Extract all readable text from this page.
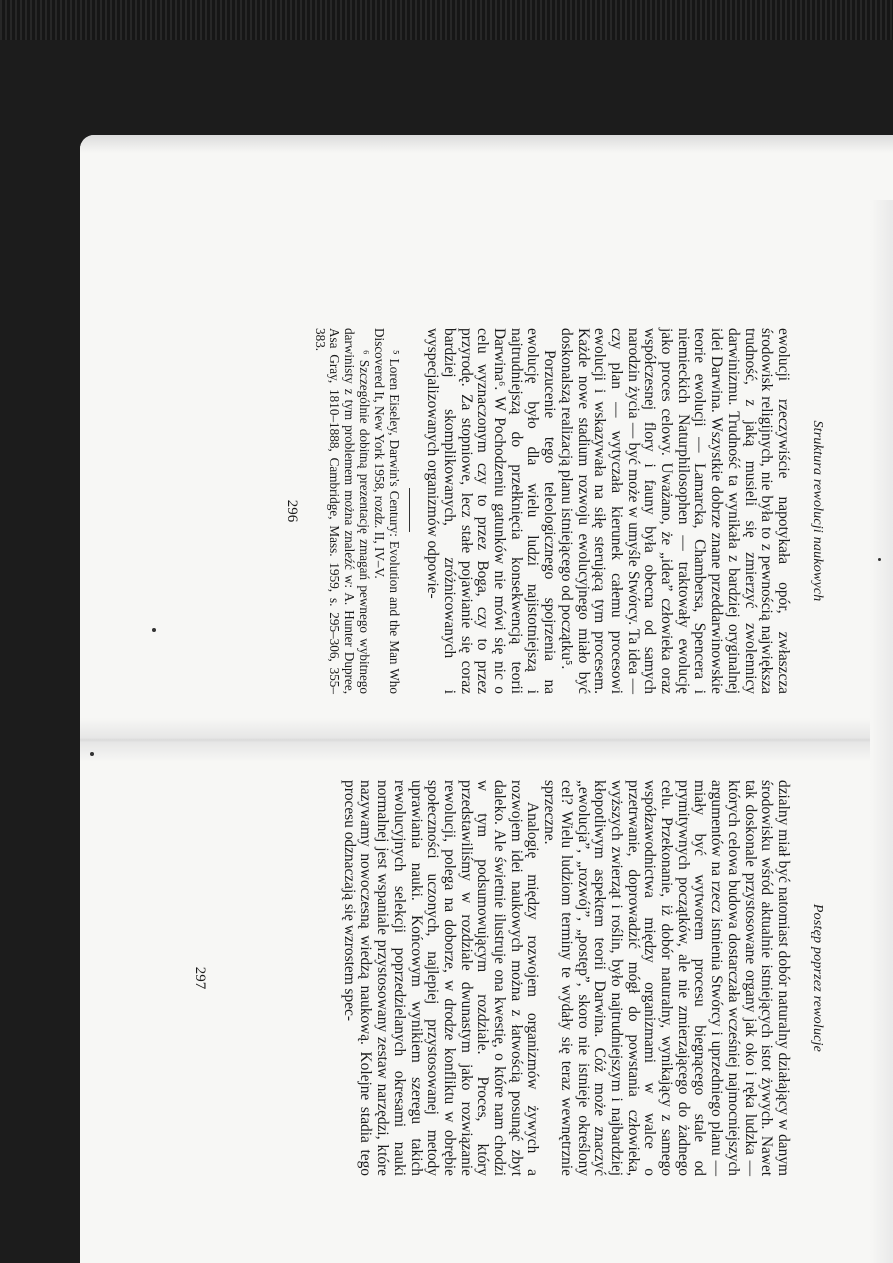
Struktura rewolucji naukowych

ewolucji rzeczywiście napotykała opór, zwłaszcza środowisk religijnych, nie była to z pewnością największa trudność, z jaką musieli się zmierzyć zwolennicy darwinizmu. Trudność ta wynikała z bardziej oryginalnej idei Darwina. Wszystkie dobrze znane przeddarwinowskie teorie ewolucji — Lamarcka, Chambersa, Spencera i niemieckich Naturphilosophen — traktowały ewolucję jako proces celowy. Uważano, że „idea” człowieka oraz współczesnej flory i fauny była obecna od samych narodzin życia — być może w umyśle Stwórcy. Ta idea — czy plan — wytyczała kierunek całemu procesowi ewolucji i wskazywała na siłę sterującą tym procesem. Każde nowe stadium rozwoju ewolucyjnego miało być doskonalszą realizacją planu istniejącego od początku⁵.

Porzucenie tego teleologicznego spojrzenia na ewolucję było dla wielu ludzi najistotniejszą i najtrudniejszą do przełknięcia konsekwencją teorii Darwina⁶. W Pochodzeniu gatunków nie mówi się nic o celu wyznaczonym czy to przez Boga, czy to przez przyrodę. Za stopniowe, lecz stałe pojawianie się coraz bardziej skomplikowanych, zróżnicowanych i wyspecjalizowanych organizmów odpowie-

⁵ Loren Eiseley, Darwin's Century: Evolution and the Man Who Discovered It, New York 1958, rozdz. II, IV–V.

⁶ Szczególnie dobitną prezentację zmagań pewnego wybitnego darwinisty z tym problemem można znaleźć w: A. Hunter Dupree, Asa Gray, 1810–1888, Cambridge, Mass. 1959, s. 295–306, 355–383.

296

Postęp poprzez rewolucje

dzialny miał być natomiast dobór naturalny działający w danym środowisku wśród aktualnie istniejących istot żywych. Nawet tak doskonale przystosowane organy jak oko i ręka ludzka — których celowa budowa dostarczała wcześniej najmocniejszych argumentów na rzecz istnienia Stwórcy i uprzedniego planu — miały być wytworem procesu biegnącego stale od prymitywnych początków, ale nie zmierzającego do żadnego celu. Przekonanie, iż dobór naturalny, wynikający z samego współzawodnictwa między organizmami w walce o przetrwanie, doprowadzić mógł do powstania człowieka, wyższych zwierząt i roślin, było najtrudniejszym i najbardziej kłopotliwym aspektem teorii Darwina. Cóż może znaczyć „ewolucja”, „rozwój”, „postęp”, skoro nie istnieje określony cel? Wielu ludziom terminy te wydały się teraz wewnętrznie sprzeczne.

Analogię między rozwojem organizmów żywych a rozwojem idei naukowych można z łatwością posunąć zbyt daleko. Ale świetnie ilustruje ona kwestię, o które nam chodzi w tym podsumowującym rozdziale. Proces, który przedstawiliśmy w rozdziale dwunastym jako rozwiązanie rewolucji, polega na doborze, w drodze konfliktu w obrębie społeczności uczonych, najlepiej przystosowanej metody uprawiania nauki. Końcowym wynikiem szeregu takich rewolucyjnych selekcji poprzedzielanych okresami nauki normalnej jest wspaniale przystosowany zestaw narzędzi, które nazywamy nowoczesną wiedzą naukową. Kolejne stadia tego procesu odznaczają się wzrostem spec-

297
